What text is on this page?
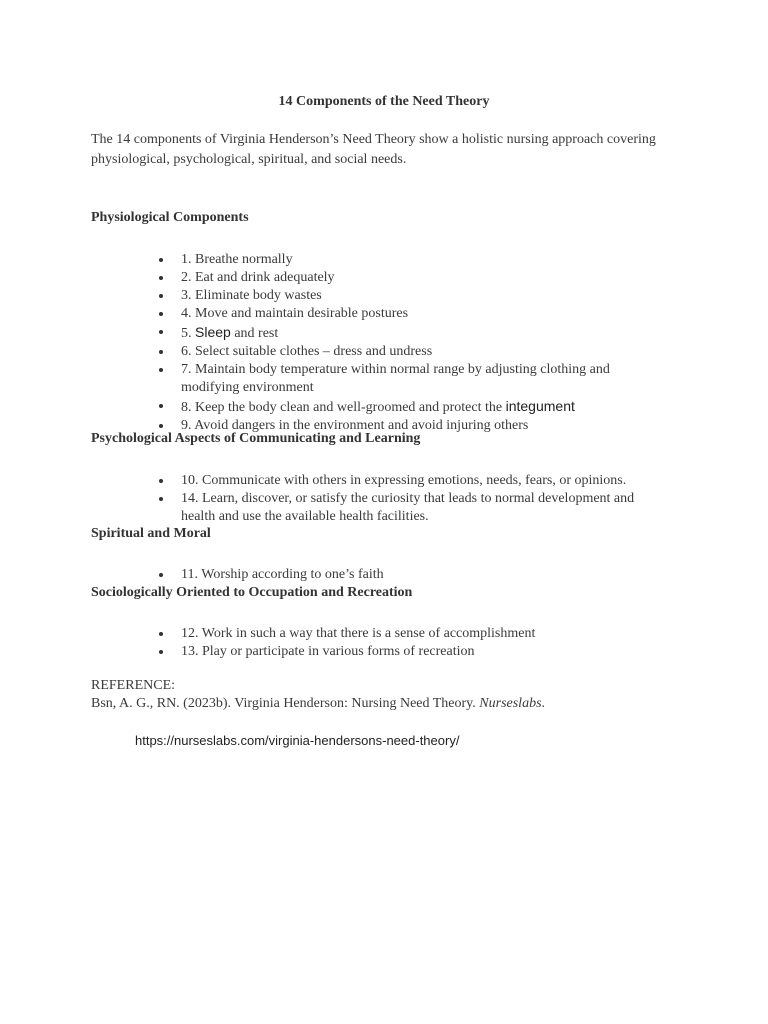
14 Components of the Need Theory
The 14 components of Virginia Henderson’s Need Theory show a holistic nursing approach covering physiological, psychological, spiritual, and social needs.
Physiological Components
1. Breathe normally
2. Eat and drink adequately
3. Eliminate body wastes
4. Move and maintain desirable postures
5. Sleep and rest
6. Select suitable clothes – dress and undress
7. Maintain body temperature within normal range by adjusting clothing and modifying environment
8. Keep the body clean and well-groomed and protect the integument
9. Avoid dangers in the environment and avoid injuring others
Psychological Aspects of Communicating and Learning
10. Communicate with others in expressing emotions, needs, fears, or opinions.
14. Learn, discover, or satisfy the curiosity that leads to normal development and health and use the available health facilities.
Spiritual and Moral
11. Worship according to one’s faith
Sociologically Oriented to Occupation and Recreation
12. Work in such a way that there is a sense of accomplishment
13. Play or participate in various forms of recreation
REFERENCE:
Bsn, A. G., RN. (2023b). Virginia Henderson: Nursing Need Theory. Nurseslabs.
https://nurseslabs.com/virginia-hendersons-need-theory/
